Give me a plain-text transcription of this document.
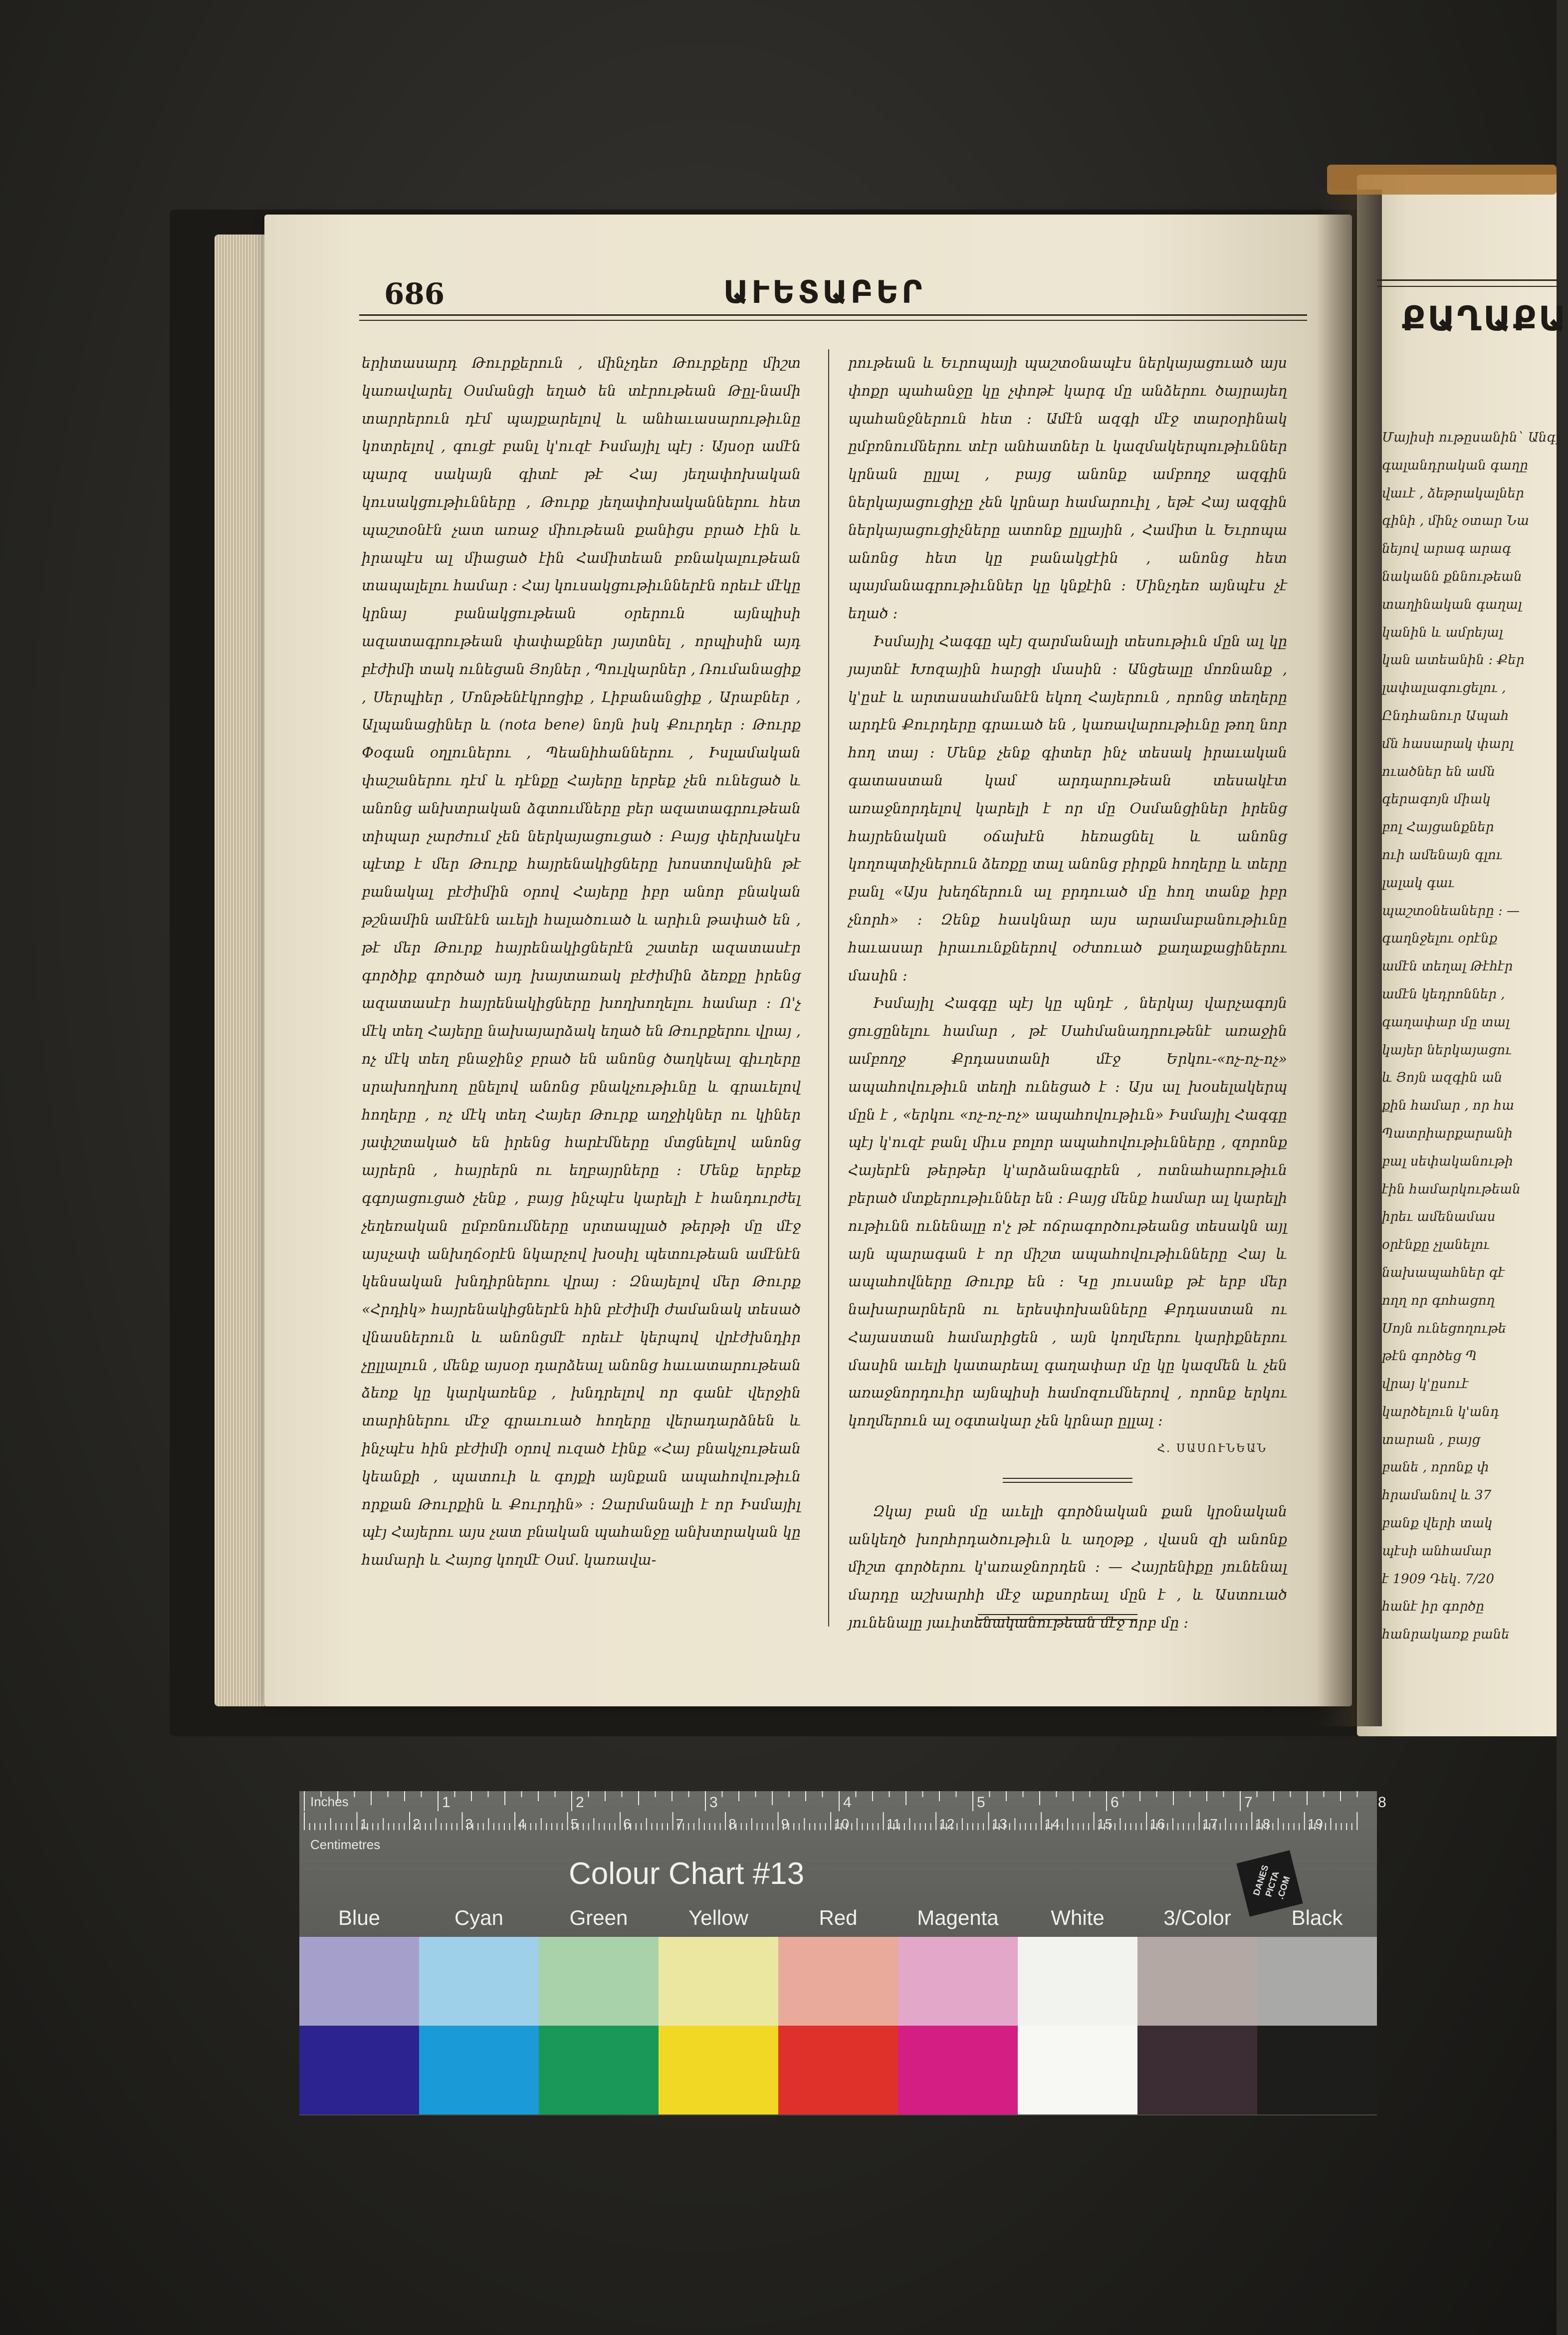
686	ԱՒԵՏԱԲԵՐ

երիտասարդ Թուրքերուն , մինչդեռ Թուրքերը միշտ կառավարել Օսմանցի եղած են տէրութեան Թըլ-նամի տարրերուն դէմ պայքարելով և անհաւասարութիւնը կոտրելով , գուցէ բանլ կ'ուզէ Իսմայիլ պէյ : Այսօր ամէն պարզ սակայն գիտէ թէ Հայ յեղափոխական կուսակցութիւնները , Թուրք յեղափոխականներու հետ պաշտօնէն չատ առաջ միութեան քանիցս բրած էին և իրապէս ալ միացած էին Համիտեան բռնակալութեան տապալելու համար : Հայ կուսակցութիւններէն որեւէ մէկը կրնայ բանակցութեան օրերուն այնպիսի ազատագրութեան փափաքներ յայտնել , որպիսին այդ բէժիմի տակ ունեցան Յոյներ , Պուլկարներ , Ռումանացիք , Սերպիեր , Մոնթենէկրոցիք , Լիբանանցիք , Արաբներ , Ալպանացիներ և (nota bene) նոյն իսկ Քուրդեր : Թուրք Փօգան օղլուներու , Պեանիհաններու , Իսլամական փաշաներու դէմ և դէնքը Հայերը երբեք չեն ունեցած և անոնց անխտրական ձգտումները բեր ազատագրութեան տիպար չարժում չեն ներկայացուցած : Բայց փերխակէս պէտք է մեր Թուրք հայրենակիցները խոստովանին թէ բանակալ բէժիմին օրով Հայերը իբր անոր բնական թշնամին ամէնէն աւելի հալածուած և արիւն թափած են , թէ մեր Թուրք հայրենակիցներէն շատեր ազատասէր գործիք գործած այդ խայտառակ բէժիմին ձեռքը իրենց ազատասէր հայրենակիցները խողխողելու համար : Ո'չ մէկ տեղ Հայերը նախայարձակ եղած են Թուրքերու վրայ , ոչ մէկ տեղ բնաջինջ բրած են անոնց ծաղկեալ գիւղերը սրախողխող ընելով անոնց բնակչութիւնը և գրաւելով հողերը , ոչ մէկ տեղ Հայեր Թուրք աղջիկներ ու կիներ յափշտակած են իրենց հարէմները մտցնելով անոնց այրերն , հայրերն ու եղբայրները : Մենք երբեք գգոյացուցած չենք , բայց ինչպէս կարելի է հանդուրժել չեղեռական ըմբռնումները սրտապլած թերթի մը մէջ այսչափ անխղճօրէն նկարչով խօսիլ պետութեան ամէնէն կենսական խնդիրներու վրայ : Զնայելով մեր Թուրք «Հրդիկ» հայրենակիցներէն հին բէժիմի ժամանակ տեսած վնասներուն և անոնցմէ որեւէ կերպով վրէժխնդիր չըլլալուն , մենք այսօր դարձեալ անոնց հաւատարութեան ձեռք կը կարկառենք , խնդրելով որ գանէ վերջին տարիներու մէջ գրաւուած հողերը վերադարձնեն և ինչպէս հին բէժիմի օրով ուզած էինք «Հայ բնակչութեան կեանքի , պատուի և գոյքի այնքան ապահովութիւն որքան Թուրքին և Քուրդին» : Զարմանալի է որ Իսմայիլ պէյ Հայերու այս չատ բնական պահանջը անխտրական կը համարի և Հայոց կողմէ Օսմ. կառավա-

րութեան և Եւրոպայի պաշտօնապէս ներկայացուած այս փոքր պահանջը կը չփոթէ կարգ մը անձերու ծայրայեղ պահանջներուն հետ : Ամէն ազգի մէջ տարօրինակ ըմբռնումներու տէր անհատներ և կազմակերպութիւններ կրնան ըլլալ , բայց անոնք ամբողջ ազգին ներկայացուցիչը չեն կրնար համարուիլ , եթէ Հայ ազգին ներկայացուցիչները ատոնք ըլլային , Համիտ և Եւրոպա անոնց հետ կը բանակցէին , անոնց հետ պայմանագրութիւններ կը կնքէին : Մինչդեռ այնպէս չէ եղած :

Իսմայիլ Հագգը պէյ զարմանալի տեսութիւն մըն ալ կը յայտնէ Խոզային հարցի մասին : Անցեալը մոռնանք , կ'ըսէ և արտասահմանէն եկող Հայերուն , որոնց տեղերը արդէն Քուրդերը գրաւած են , կառավարութիւնը թող նոր հող տայ : Մենք չենք գիտեր ինչ տեսակ իրաւական գատաստան կամ արդարութեան տեսակէտ առաջնորդելով կարելի է որ մը Օսմանցիներ իրենց հայրենական օճախէն հեռացնել և անոնց կողոպտիչներուն ձեռքը տալ անոնց բիրքն հողերը և տերը բանլ «Այս խեղճերուն ալ բրդուած մը հող տանք իբր չնորհ» : Զենք հասկնար այս արամաբանութիւնը հաւասար իրաւունքներով օժտուած քաղաքացիներու մասին :

Իսմայիլ Հագգը պէյ կը պնդէ , ներկայ վարչագոյն ցուցընելու համար , թէ Սահմանադրութենէ առաջին ամբողջ Քրդաստանի մէջ Երկու-«ոչ-ոչ-ոչ» ապահովութիւն տեղի ունեցած է : Այս ալ խօսելակերպ մըն է , «երկու «ոչ-ոչ-ոչ» ապահովութիւն» Իսմայիլ Հագգը պէյ կ'ուզէ բանլ միւս բոլոր ապահովութիւնները , զորոնք Հայերէն թերթեր կ'արձանագրեն , ոտնահարութիւն բերած մտքերութիւններ են : Բայց մենք համար ալ կարելի ութիւնն ունենալը ո'չ թէ ոճրագործութեանց տեսակն այլ այն պարագան է որ միշտ ապահովութիւնները Հայ և ապահովները Թուրք են : Կը յուսանք թէ երբ մեր նախարարներն ու երեսփոխանները Քրդաստան ու Հայաստան համարիցեն , այն կողմերու կարիքներու մասին աւելի կատարեալ գաղափար մը կը կազմեն և չեն առաջնորդուիր այնպիսի համոզումներով , որոնք երկու կողմերուն ալ օգտակար չեն կրնար ըլլալ :

Հ. ՍԱՍՈՒՆԵԱՆ

Զկայ բան մը աւելի գործնական քան կրօնական անկեղծ խորհրդածութիւն և աղօթք , վասն զի անոնք միշտ գործերու կ'առաջնորդեն : — Հայրենիքը յունենալ մարդը աշխարհի մէջ աքսորեալ մըն է , և Աստուած յունենալը յաւիտենականութեան մէջ որբ մը :

ՔԱՂԱՔԱ

Մայիսի ութըսանին` Անգլ

գալանդրական գաղը

վաւէ , ձեթրակալներ

գինի , մինչ օտար Նա

նեյով արագ արագ

նականն քննութեան

տաղինական գաղալ

կանին և ամրեյալ

կան ատեանին : Քեր

լափալագուցելու ,

Ընդհանուր Ապահ

մն հասարակ փարլ

ուածներ են ամն

գերագոյն միակ

բոլ Հայցանքներ

ուի ամենայն գլու

լալակ գաւ

պաշտօնեաները : —

գաղնջելու օրէնք

ամէն տեղալ Թէհէր

ամէն կեդրոններ ,

գաղափար մը տալ

կայեր ներկայացու

և Յոյն ազգին ան

քին համար , որ հա

Պատրիարքարանի

բալ սեփականութի

էին համարկութեան

իրեւ ամենամաս

օրէնքը չլանելու

նախապահներ գէ

ողղ որ գոհացող

Սոյն ունեցողութե

թէն գործեց Պ

վրայ կ'ըսուէ

կարծելուն կ'անդ

տարան , բայց

բանե , որոնք փ

հրամանով և 37

բանք վերի տակ

պէսի անհամար

է 1909 Դեկ. 7/20

հանէ իր գործը

հանրակառք բանե

Inches
Centimetres
1	2	3	4	5	6	7	8
1	2	3	4	5	6	7	8	9	10	11	12	13	14	15	16	17	18	19
Colour Chart #13	DANES PICTA .COM
Blue	Cyan	Green	Yellow	Red	Magenta	White	3/Color	Black
